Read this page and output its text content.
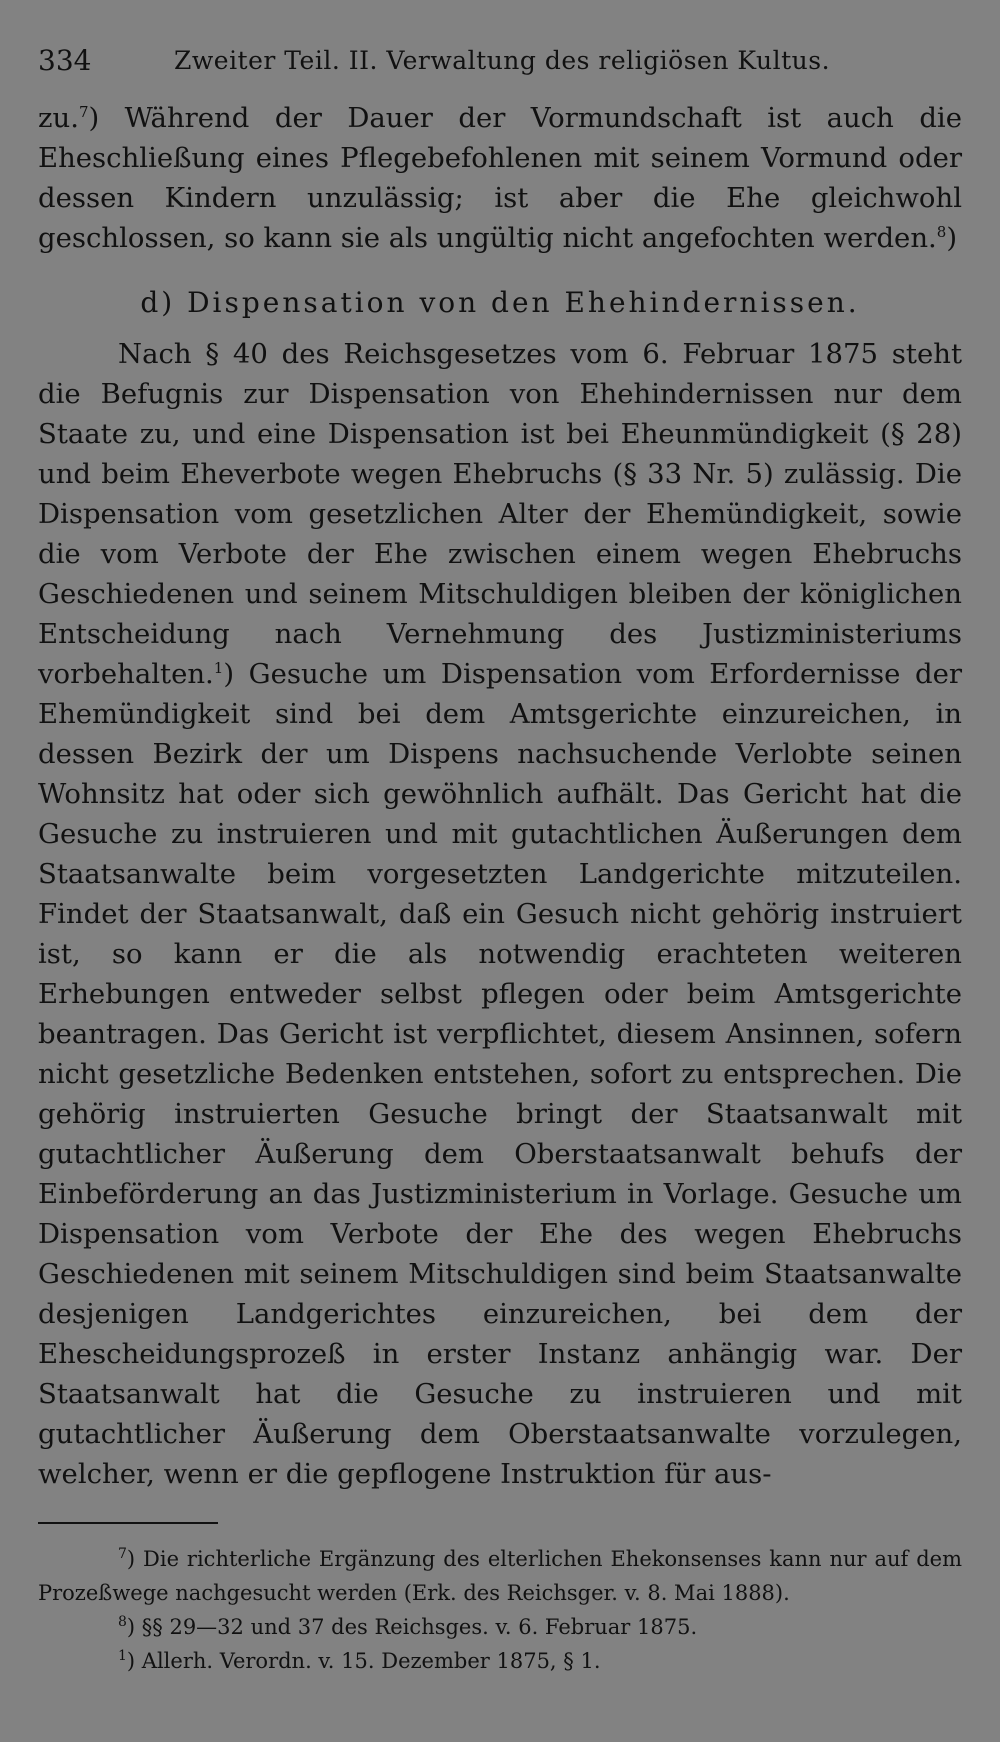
334	Zweiter Teil. II. Verwaltung des religiösen Kultus.

zu.$^7$) Während der Dauer der Vormundschaft ist auch die Eheschließung eines Pflegebefohlenen mit seinem Vormund oder dessen Kindern unzulässig; ist aber die Ehe gleichwohl geschlossen, so kann sie als ungültig nicht angefochten werden.$^8$)

d) Dispensation von den Ehehindernissen.

Nach § 40 des Reichsgesetzes vom 6. Februar 1875 steht die Befugnis zur Dispensation von Ehehindernissen nur dem Staate zu, und eine Dispensation ist bei Eheunmündigkeit (§ 28) und beim Eheverbote wegen Ehebruchs (§ 33 Nr. 5) zulässig. Die Dispensation vom gesetzlichen Alter der Ehemündigkeit, sowie die vom Verbote der Ehe zwischen einem wegen Ehebruchs Geschiedenen und seinem Mitschuldigen bleiben der königlichen Entscheidung nach Vernehmung des Justizministeriums vorbehalten.$^1$) Gesuche um Dispensation vom Erfordernisse der Ehemündigkeit sind bei dem Amtsgerichte einzureichen, in dessen Bezirk der um Dispens nachsuchende Verlobte seinen Wohnsitz hat oder sich gewöhnlich aufhält. Das Gericht hat die Gesuche zu instruieren und mit gutachtlichen Äußerungen dem Staatsanwalte beim vorgesetzten Landgerichte mitzuteilen. Findet der Staatsanwalt, daß ein Gesuch nicht gehörig instruiert ist, so kann er die als notwendig erachteten weiteren Erhebungen entweder selbst pflegen oder beim Amtsgerichte beantragen. Das Gericht ist verpflichtet, diesem Ansinnen, sofern nicht gesetzliche Bedenken entstehen, sofort zu entsprechen. Die gehörig instruierten Gesuche bringt der Staatsanwalt mit gutachtlicher Äußerung dem Oberstaatsanwalt behufs der Einbeförderung an das Justizministerium in Vorlage. Gesuche um Dispensation vom Verbote der Ehe des wegen Ehebruchs Geschiedenen mit seinem Mitschuldigen sind beim Staatsanwalte desjenigen Landgerichtes einzureichen, bei dem der Ehescheidungsprozeß in erster Instanz anhängig war. Der Staatsanwalt hat die Gesuche zu instruieren und mit gutachtlicher Äußerung dem Oberstaatsanwalte vorzulegen, welcher, wenn er die gepflogene Instruktion für aus-

$^7$) Die richterliche Ergänzung des elterlichen Ehekonsenses kann nur auf dem Prozeßwege nachgesucht werden (Erk. des Reichsger. v. 8. Mai 1888).

$^8$) §§ 29—32 und 37 des Reichsges. v. 6. Februar 1875.

$^1$) Allerh. Verordn. v. 15. Dezember 1875, § 1.
